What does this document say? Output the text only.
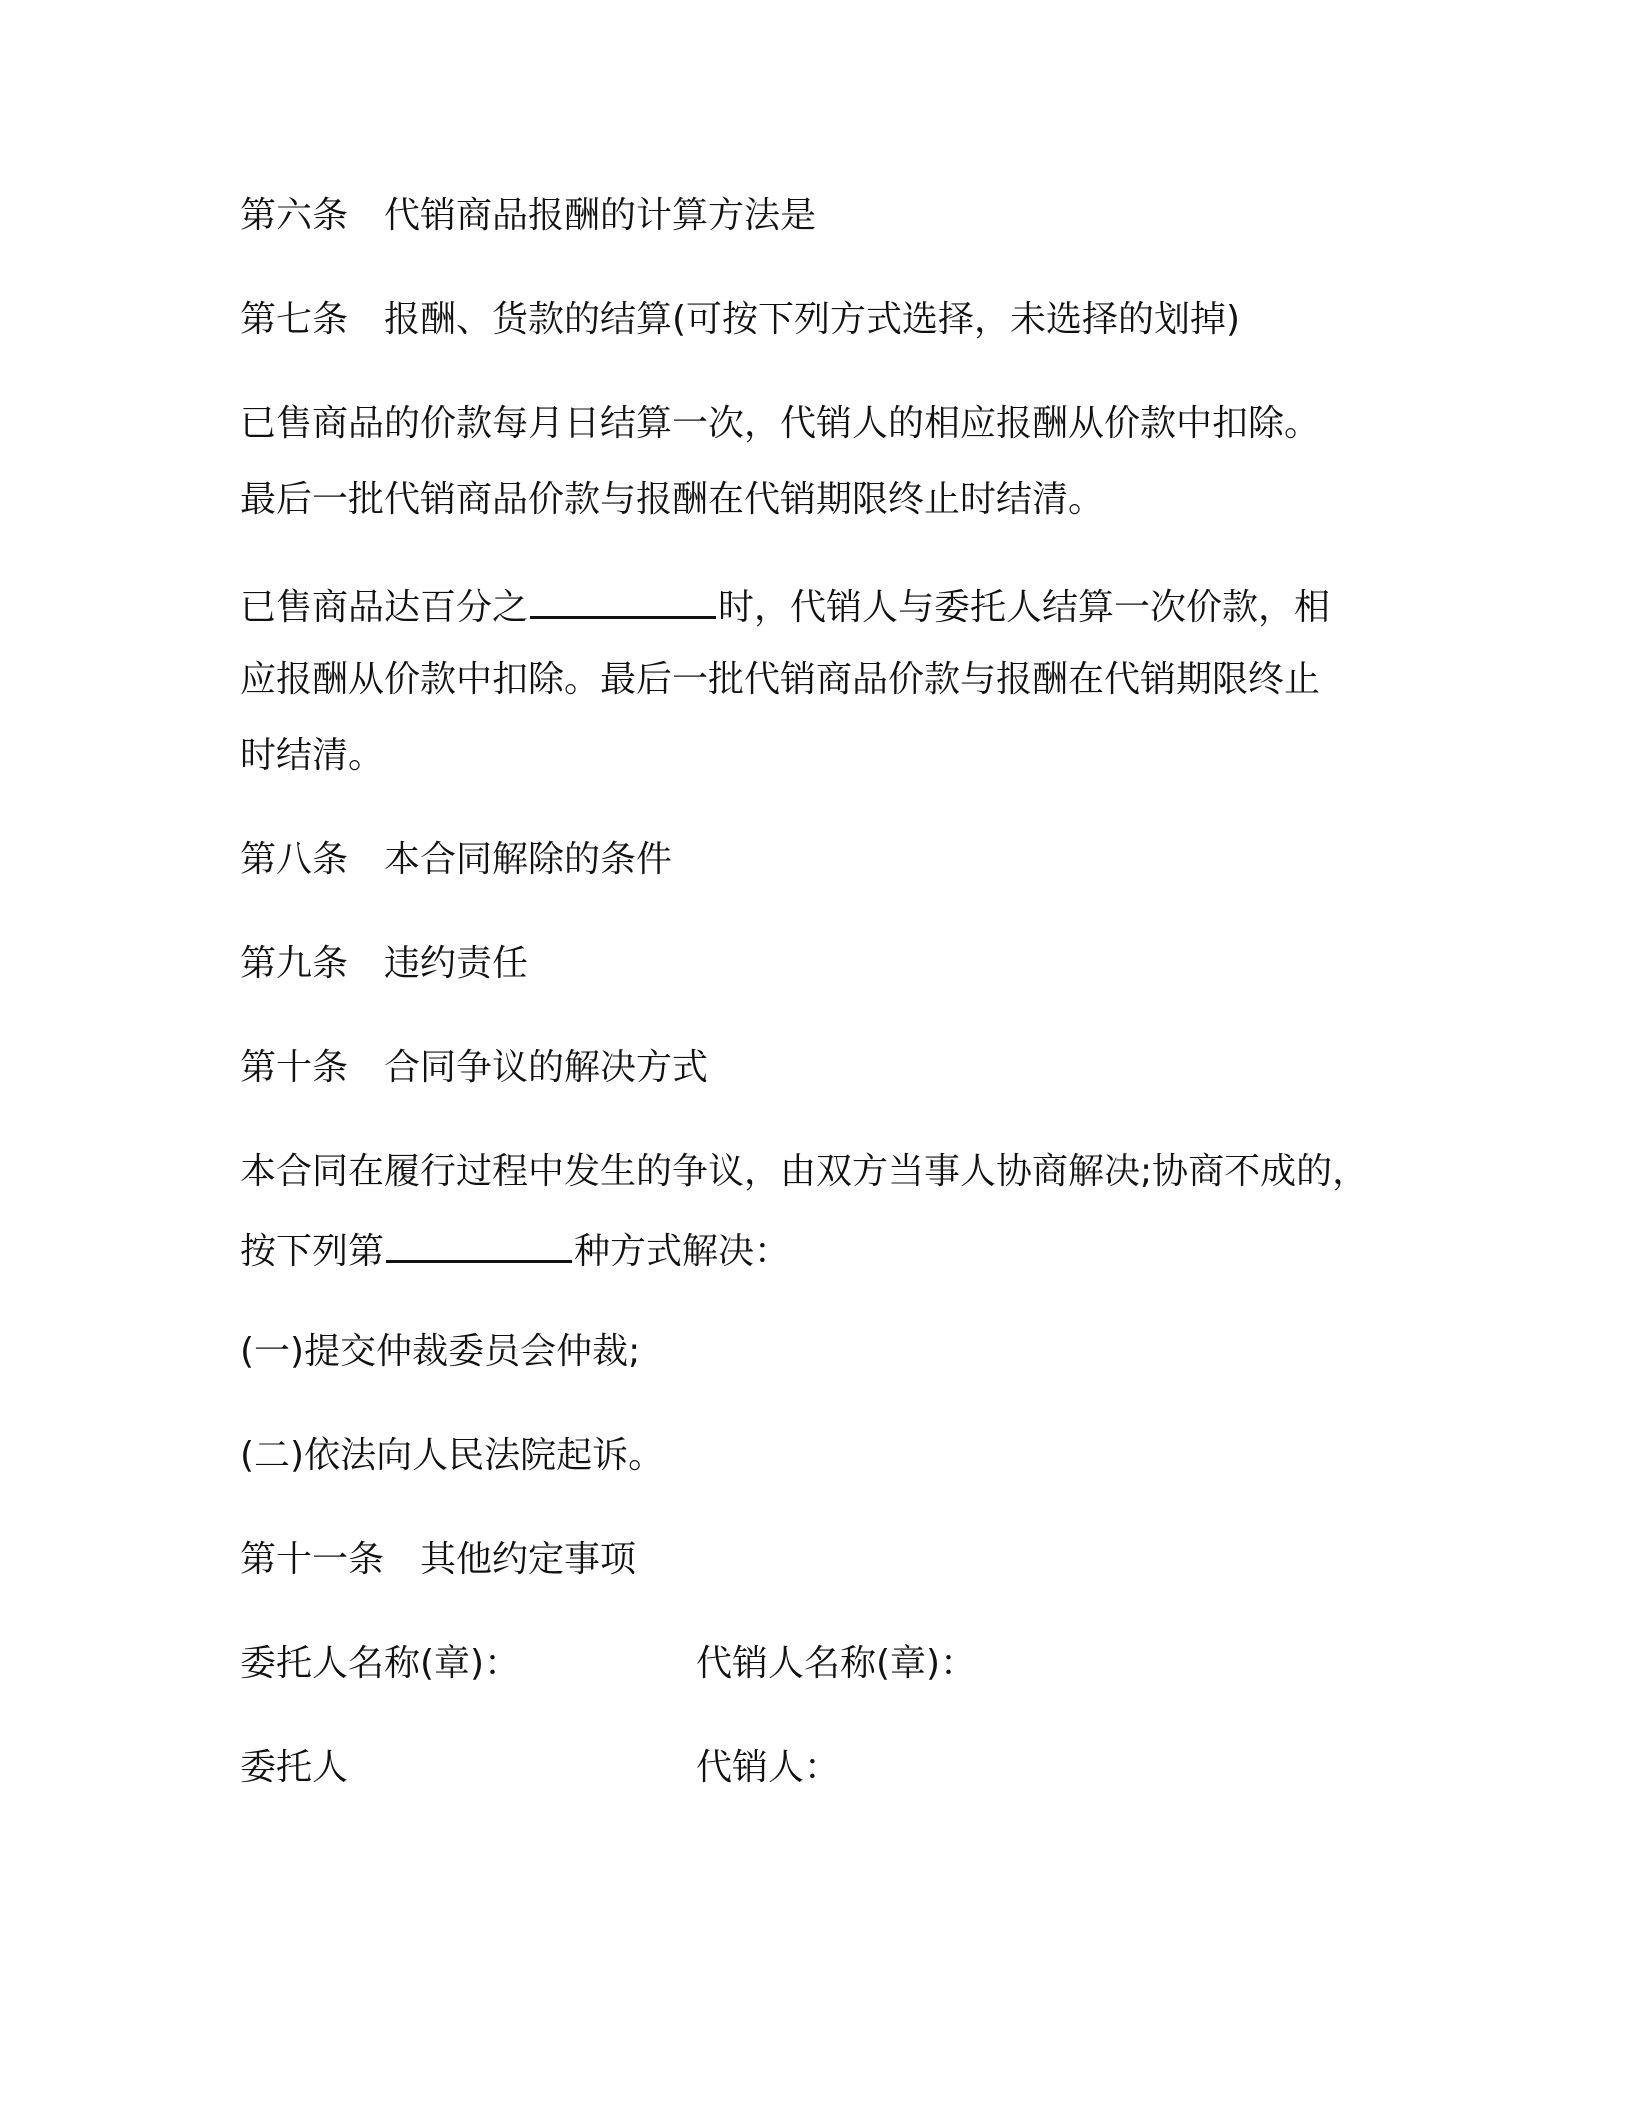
第六条 代销商品报酬的计算方法是
第七条 报酬、货款的结算(可按下列方式选择，未选择的划掉)
已售商品的价款每月日结算一次，代销人的相应报酬从价款中扣除。
最后一批代销商品价款与报酬在代销期限终止时结清。
已售商品达百分之	时，代销人与委托人结算一次价款，相
应报酬从价款中扣除。最后一批代销商品价款与报酬在代销期限终止
时结清。
第八条 本合同解除的条件
第九条 违约责任
第十条 合同争议的解决方式
本合同在履行过程中发生的争议，由双方当事人协商解决;协商不成的，
按下列第	种方式解决：
(一)提交仲裁委员会仲裁;
(二)依法向人民法院起诉。
第十一条 其他约定事项
委托人名称(章)：	代销人名称(章)：
委托人	代销人：
